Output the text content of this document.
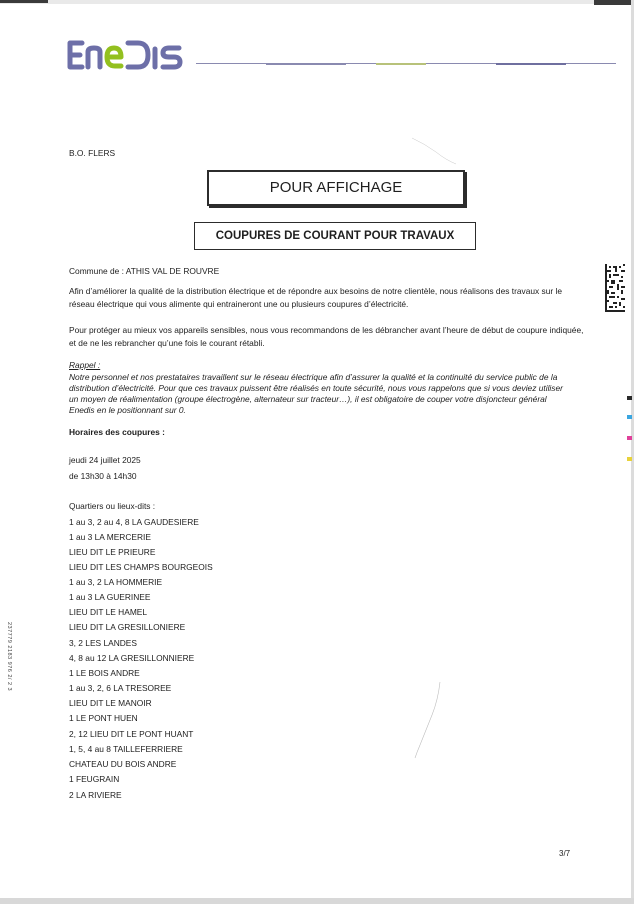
B.O. FLERS
POUR AFFICHAGE
COUPURES DE COURANT POUR TRAVAUX
Commune de : ATHIS VAL DE ROUVRE
Afin d’améliorer la qualité de la distribution électrique et de répondre aux besoins de notre clientèle, nous réalisons des travaux sur le réseau électrique qui vous alimente qui entraineront une ou plusieurs coupures d’électricité.
Pour protéger au mieux vos appareils sensibles, nous vous recommandons de les débrancher avant l’heure de début de coupure indiquée, et de ne les rebrancher qu’une fois le courant rétabli.
Rappel :
Notre personnel et nos prestataires travaillent sur le réseau électrique afin d’assurer la qualité et la continuité du service public de la distribution d’électricité. Pour que ces travaux puissent être réalisés en toute sécurité, nous vous rappelons que si vous deviez utiliser un moyen de réalimentation (groupe électrogène, alternateur sur tracteur…), il est obligatoire de couper votre disjoncteur général Enedis en le positionnant sur 0.
Horaires des coupures :
jeudi 24 juillet 2025
de 13h30 à 14h30
Quartiers ou lieux-dits :
1 au 3, 2 au 4, 8 LA GAUDESIERE
1 au 3 LA MERCERIE
LIEU DIT LE PRIEURE
LIEU DIT LES CHAMPS BOURGEOIS
1 au 3, 2 LA HOMMERIE
1 au 3 LA GUERINEE
LIEU DIT LE HAMEL
LIEU DIT LA GRESILLONIERE
3, 2 LES LANDES
4, 8 au 12 LA GRESILLONNIERE
1 LE BOIS ANDRE
1 au 3, 2, 6 LA TRESOREE
LIEU DIT LE MANOIR
1 LE PONT HUEN
2, 12 LIEU DIT LE PONT HUANT
1, 5, 4 au 8 TAILLEFERRIERE
CHATEAU DU BOIS ANDRE
1 FEUGRAIN
2 LA RIVIERE
237779 2183 976 2/ 2 3
3/7
